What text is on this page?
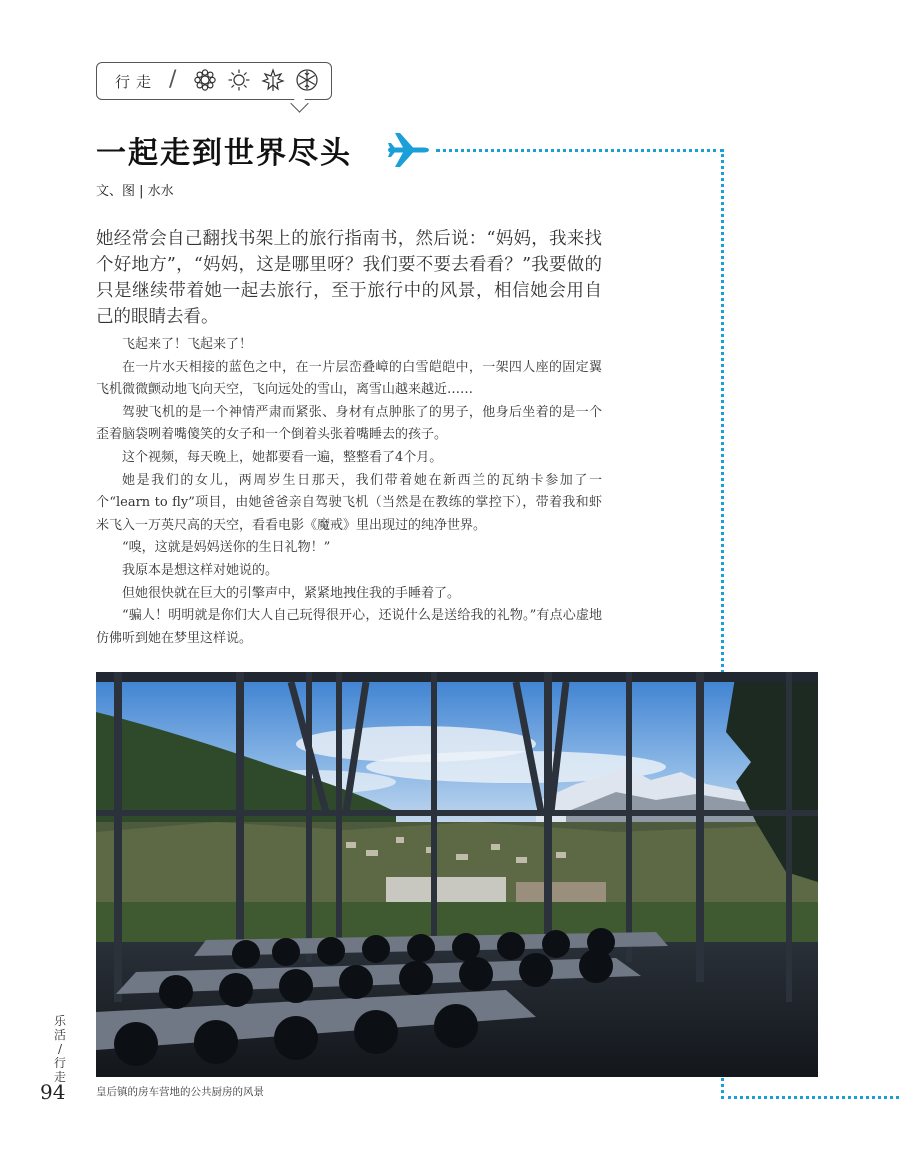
行走 /
一起走到世界尽头
文、图 | 水水
她经常会自己翻找书架上的旅行指南书，然后说：“妈妈，我来找个好地方”，“妈妈，这是哪里呀？我们要不要去看看？”我要做的只是继续带着她一起去旅行，至于旅行中的风景，相信她会用自己的眼睛去看。

飞起来了！飞起来了！

在一片水天相接的蓝色之中，在一片层峦叠嶂的白雪皑皑中，一架四人座的固定翼飞机微微颤动地飞向天空，飞向远处的雪山，离雪山越来越近……

驾驶飞机的是一个神情严肃而紧张、身材有点肿胀了的男子，他身后坐着的是一个歪着脑袋咧着嘴傻笑的女子和一个倒着头张着嘴睡去的孩子。

这个视频，每天晚上，她都要看一遍，整整看了4个月。

她是我们的女儿，两周岁生日那天，我们带着她在新西兰的瓦纳卡参加了一个“learn to fly”项目，由她爸爸亲自驾驶飞机（当然是在教练的掌控下），带着我和虾米飞入一万英尺高的天空，看看电影《魔戒》里出现过的纯净世界。

“嗅，这就是妈妈送你的生日礼物！”

我原本是想这样对她说的。

但她很快就在巨大的引擎声中，紧紧地拽住我的手睡着了。

“骗人！明明就是你们大人自己玩得很开心，还说什么是送给我的礼物。”有点心虚地仿佛听到她在梦里这样说。

皇后镇的房车营地的公共厨房的风景
乐活
/
行走
94
